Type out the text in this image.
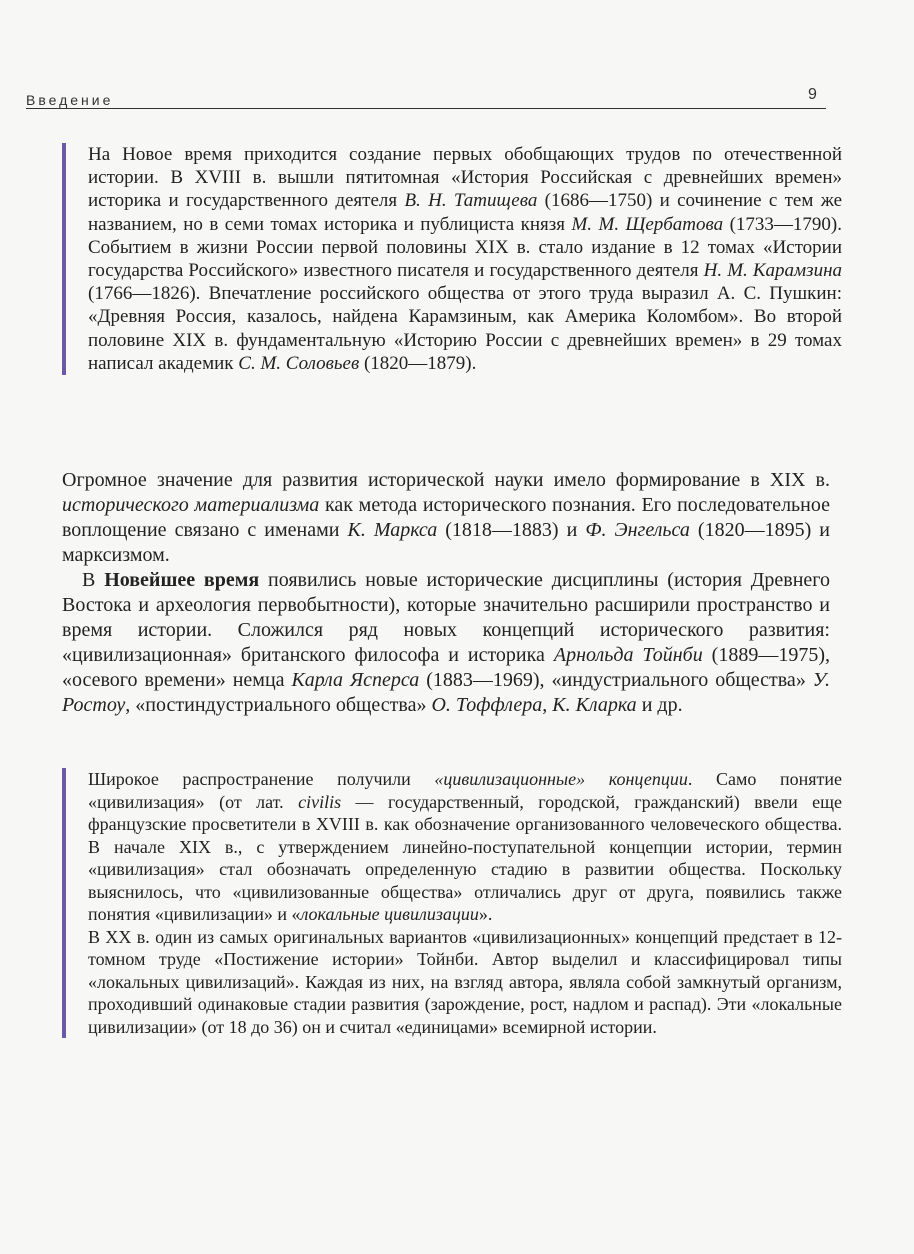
Введение	9

На Новое время приходится создание первых обобщающих трудов по отечественной истории. В XVIII в. вышли пятитомная «История Российская с древнейших времен» историка и государственного деятеля В. Н. Татищева (1686—1750) и сочинение с тем же названием, но в семи томах историка и публициста князя М. М. Щербатова (1733—1790). Событием в жизни России первой половины XIX в. стало издание в 12 томах «Истории государства Российского» известного писателя и государственного деятеля Н. М. Карамзина (1766—1826). Впечатление российского общества от этого труда выразил А. С. Пушкин: «Древняя Россия, казалось, найдена Карамзиным, как Америка Коломбом». Во второй половине XIX в. фундаментальную «Историю России с древнейших времен» в 29 томах написал академик С. М. Соловьев (1820—1879).

Огромное значение для развития исторической науки имело формирование в XIX в. исторического материализма как метода исторического познания. Его последовательное воплощение связано с именами К. Маркса (1818—1883) и Ф. Энгельса (1820—1895) и марксизмом.

В Новейшее время появились новые исторические дисциплины (история Древнего Востока и археология первобытности), которые значительно расширили пространство и время истории. Сложился ряд новых концепций исторического развития: «цивилизационная» британского философа и историка Арнольда Тойнби (1889—1975), «осевого времени» немца Карла Ясперса (1883—1969), «индустриального общества» У. Ростоу, «постиндустриального общества» О. Тоффлера, К. Кларка и др.

Широкое распространение получили «цивилизационные» концепции. Само понятие «цивилизация» (от лат. civilis — государственный, городской, гражданский) ввели еще французские просветители в XVIII в. как обозначение организованного человеческого общества. В начале XIX в., с утверждением линейно-поступательной концепции истории, термин «цивилизация» стал обозначать определенную стадию в развитии общества. Поскольку выяснилось, что «цивилизованные общества» отличались друг от друга, появились также понятия «цивилизации» и «локальные цивилизации».

В XX в. один из самых оригинальных вариантов «цивилизационных» концепций предстает в 12-томном труде «Постижение истории» Тойнби. Автор выделил и классифицировал типы «локальных цивилизаций». Каждая из них, на взгляд автора, являла собой замкнутый организм, проходивший одинаковые стадии развития (зарождение, рост, надлом и распад). Эти «локальные цивилизации» (от 18 до 36) он и считал «единицами» всемирной истории.
